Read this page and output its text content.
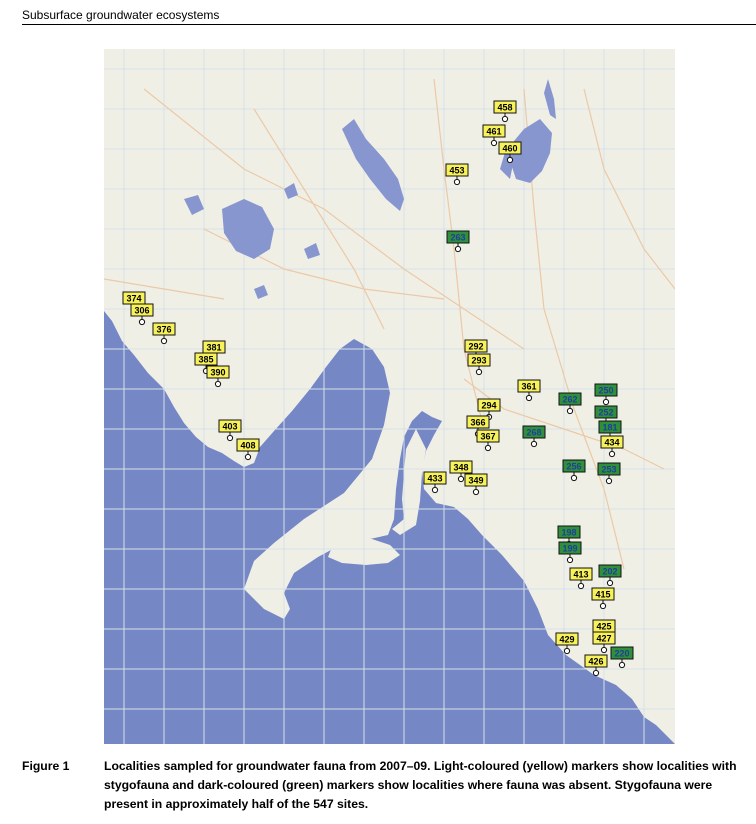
Subsurface groundwater ecosystems
263
262
252
250
253
256
198
199
202
181
268
220
458
461
460
453
374
306
376
381
385
390
403
408
292
293
294
366
367
348
349
433
361
434
413
415
425
427
429
426
Figure 1	Localities sampled for groundwater fauna from 2007–09. Light-coloured (yellow) markers show localities with stygofauna and dark-coloured (green) markers show localities where fauna was absent. Stygofauna were present in approximately half of the 547 sites.
